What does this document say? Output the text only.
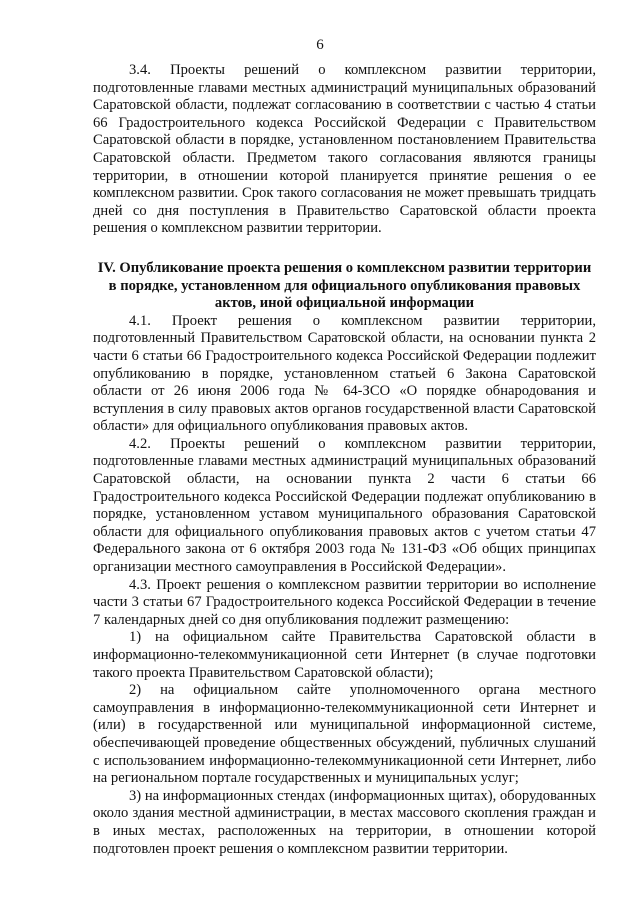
6

3.4. Проекты решений о комплексном развитии территории, подготовленные главами местных администраций муниципальных образований Саратовской области, подлежат согласованию в соответствии с частью 4 статьи 66 Градостроительного кодекса Российской Федерации с Правительством Саратовской области в порядке, установленном постановлением Правительства Саратовской области. Предметом такого согласования являются границы территории, в отношении которой планируется принятие решения о ее комплексном развитии. Срок такого согласования не может превышать тридцать дней со дня поступления в Правительство Саратовской области проекта решения о комплексном развитии территории.

IV. Опубликование проекта решения о комплексном развитии территории в порядке, установленном для официального опубликования правовых актов, иной официальной информации

4.1. Проект решения о комплексном развитии территории, подготовленный Правительством Саратовской области, на основании пункта 2 части 6 статьи 66 Градостроительного кодекса Российской Федерации подлежит опубликованию в порядке, установленном статьей 6 Закона Саратовской области от 26 июня 2006 года № 64-ЗСО «О порядке обнародования и вступления в силу правовых актов органов государственной власти Саратовской области» для официального опубликования правовых актов.

4.2. Проекты решений о комплексном развитии территории, подготовленные главами местных администраций муниципальных образований Саратовской области, на основании пункта 2 части 6 статьи 66 Градостроительного кодекса Российской Федерации подлежат опубликованию в порядке, установленном уставом муниципального образования Саратовской области для официального опубликования правовых актов с учетом статьи 47 Федерального закона от 6 октября 2003 года № 131-ФЗ «Об общих принципах организации местного самоуправления в Российской Федерации».

4.3. Проект решения о комплексном развитии территории во исполнение части 3 статьи 67 Градостроительного кодекса Российской Федерации в течение 7 календарных дней со дня опубликования подлежит размещению:

1) на официальном сайте Правительства Саратовской области в информационно-телекоммуникационной сети Интернет (в случае подготовки такого проекта Правительством Саратовской области);

2) на официальном сайте уполномоченного органа местного самоуправления в информационно-телекоммуникационной сети Интернет и (или) в государственной или муниципальной информационной системе, обеспечивающей проведение общественных обсуждений, публичных слушаний с использованием информационно-телекоммуникационной сети Интернет, либо на региональном портале государственных и муниципальных услуг;

3) на информационных стендах (информационных щитах), оборудованных около здания местной администрации, в местах массового скопления граждан и в иных местах, расположенных на территории, в отношении которой подготовлен проект решения о комплексном развитии территории.
